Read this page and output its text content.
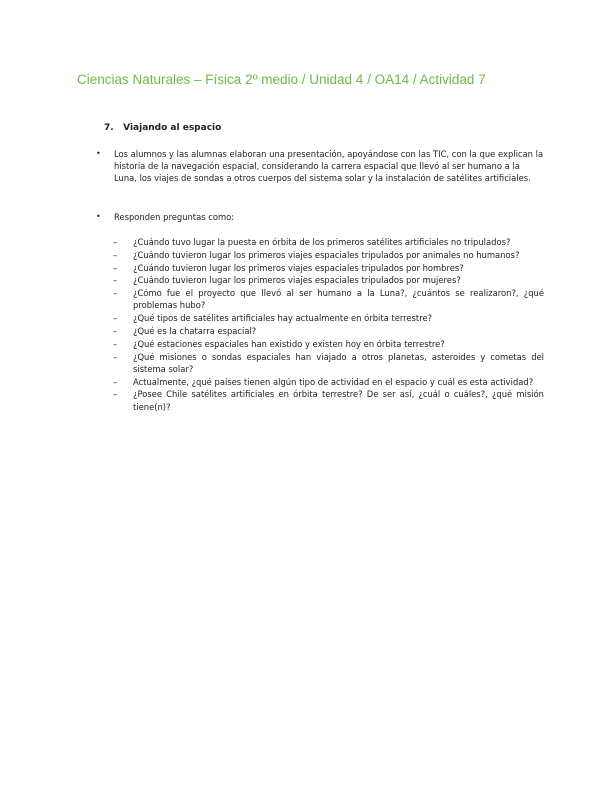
Ciencias Naturales – Física 2º medio / Unidad 4 / OA14 / Actividad 7
7. Viajando al espacio
• Los alumnos y las alumnas elaboran una presentación, apoyándose con las TIC, con la que explican la historia de la navegación espacial, considerando la carrera espacial que llevó al ser humano a la Luna, los viajes de sondas a otros cuerpos del sistema solar y la instalación de satélites artificiales.
• Responden preguntas como:
– ¿Cuándo tuvo lugar la puesta en órbita de los primeros satélites artificiales no tripulados?
– ¿Cuándo tuvieron lugar los primeros viajes espaciales tripulados por animales no humanos?
– ¿Cuándo tuvieron lugar los primeros viajes espaciales tripulados por hombres?
– ¿Cuándo tuvieron lugar los primeros viajes espaciales tripulados por mujeres?
– ¿Cómo fue el proyecto que llevó al ser humano a la Luna?, ¿cuántos se realizaron?, ¿qué problemas hubo?
– ¿Qué tipos de satélites artificiales hay actualmente en órbita terrestre?
– ¿Qué es la chatarra espacial?
– ¿Qué estaciones espaciales han existido y existen hoy en órbita terrestre?
– ¿Qué misiones o sondas espaciales han viajado a otros planetas, asteroides y cometas del sistema solar?
– Actualmente, ¿qué países tienen algún tipo de actividad en el espacio y cuál es esta actividad?
– ¿Posee Chile satélites artificiales en órbita terrestre? De ser así, ¿cuál o cuáles?, ¿qué misión tiene(n)?
